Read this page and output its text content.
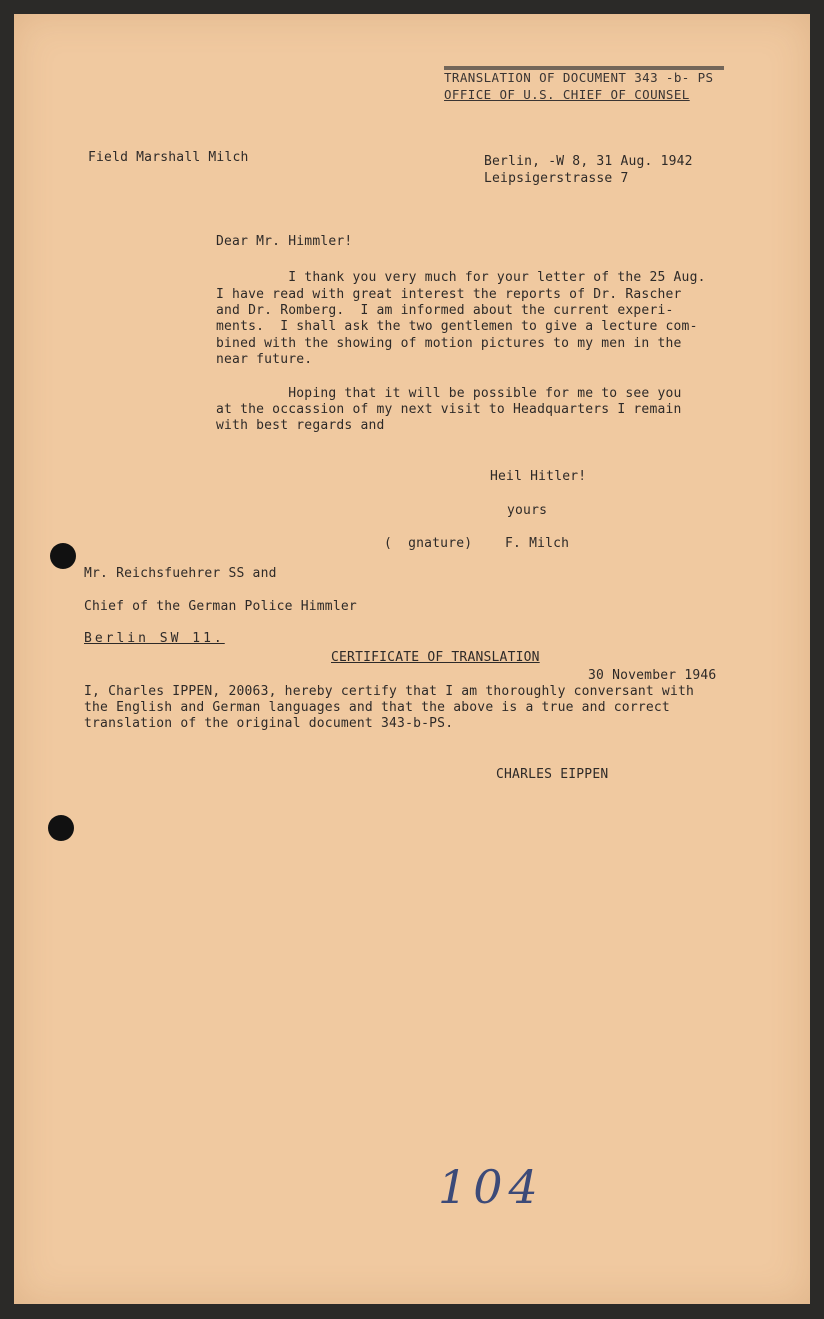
TRANSLATION OF DOCUMENT 343 -b- PS
OFFICE OF U.S. CHIEF OF COUNSEL
Field Marshall Milch	Berlin, -W 8, 31 Aug. 1942
Leipsigerstrasse 7
Dear Mr. Himmler!
I thank you very much for your letter of the 25 Aug.
I have read with great interest the reports of Dr. Rascher
and Dr. Romberg.  I am informed about the current experi-
ments.  I shall ask the two gentlemen to give a lecture com-
bined with the showing of motion pictures to my men in the
near future.
Hoping that it will be possible for me to see you
at the occassion of my next visit to Headquarters I remain
with best regards and
Heil Hitler!
yours
(  gnature)	F. Milch
Mr. Reichsfuehrer SS and
Chief of the German Police Himmler
Berlin SW 11.
CERTIFICATE OF TRANSLATION
30 November 1946
I, Charles IPPEN, 20063, hereby certify that I am thoroughly conversant with
the English and German languages and that the above is a true and correct
translation of the original document 343-b-PS.
CHARLES EIPPEN
104
